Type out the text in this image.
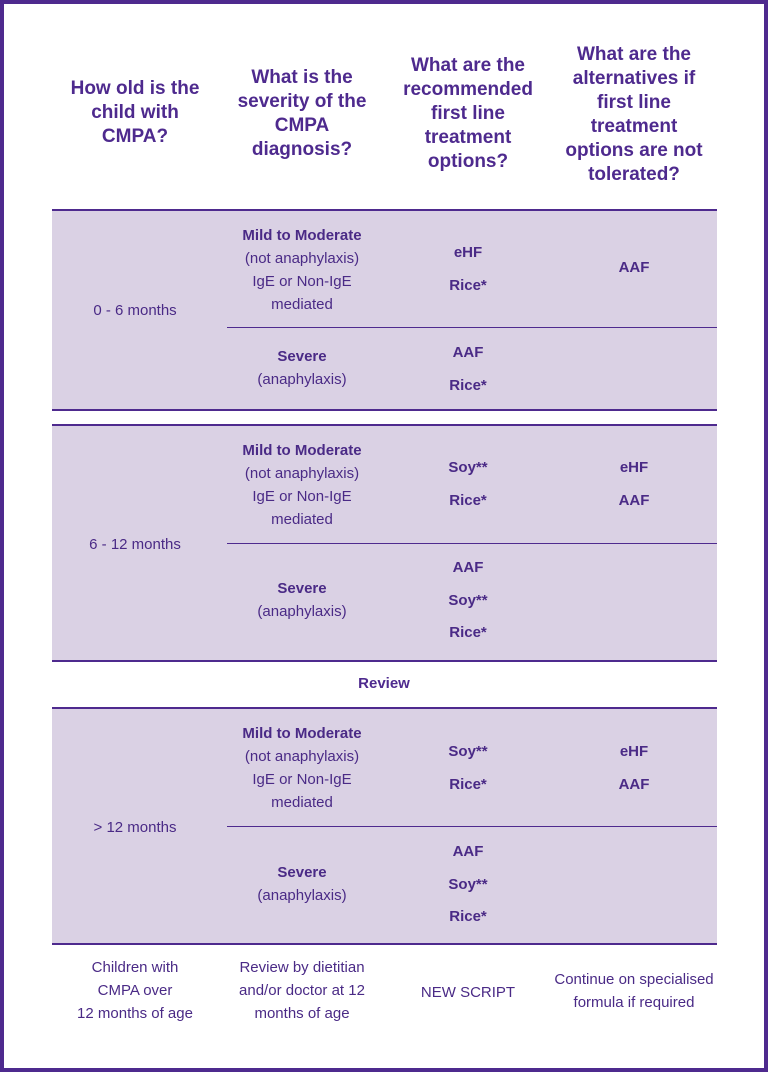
How old is the
child with
CMPA?
What is the
severity of the
CMPA
diagnosis?
What are the
recommended
first line
treatment
options?
What are the
alternatives if
first line
treatment
options are not
tolerated?
0 - 6 months
Mild to Moderate
(not anaphylaxis)
IgE or Non-IgE
mediated
eHF
Rice*
AAF
Severe
(anaphylaxis)
AAF
Rice*
6 - 12 months
Mild to Moderate
(not anaphylaxis)
IgE or Non-IgE
mediated
Soy**
Rice*
eHF
AAF
Severe
(anaphylaxis)
AAF
Soy**
Rice*
Review
> 12 months
Mild to Moderate
(not anaphylaxis)
IgE or Non-IgE
mediated
Soy**
Rice*
eHF
AAF
Severe
(anaphylaxis)
AAF
Soy**
Rice*
Children with
CMPA over
12 months of age
Review by dietitian
and/or doctor at 12
months of age
NEW SCRIPT
Continue on specialised
formula if required
